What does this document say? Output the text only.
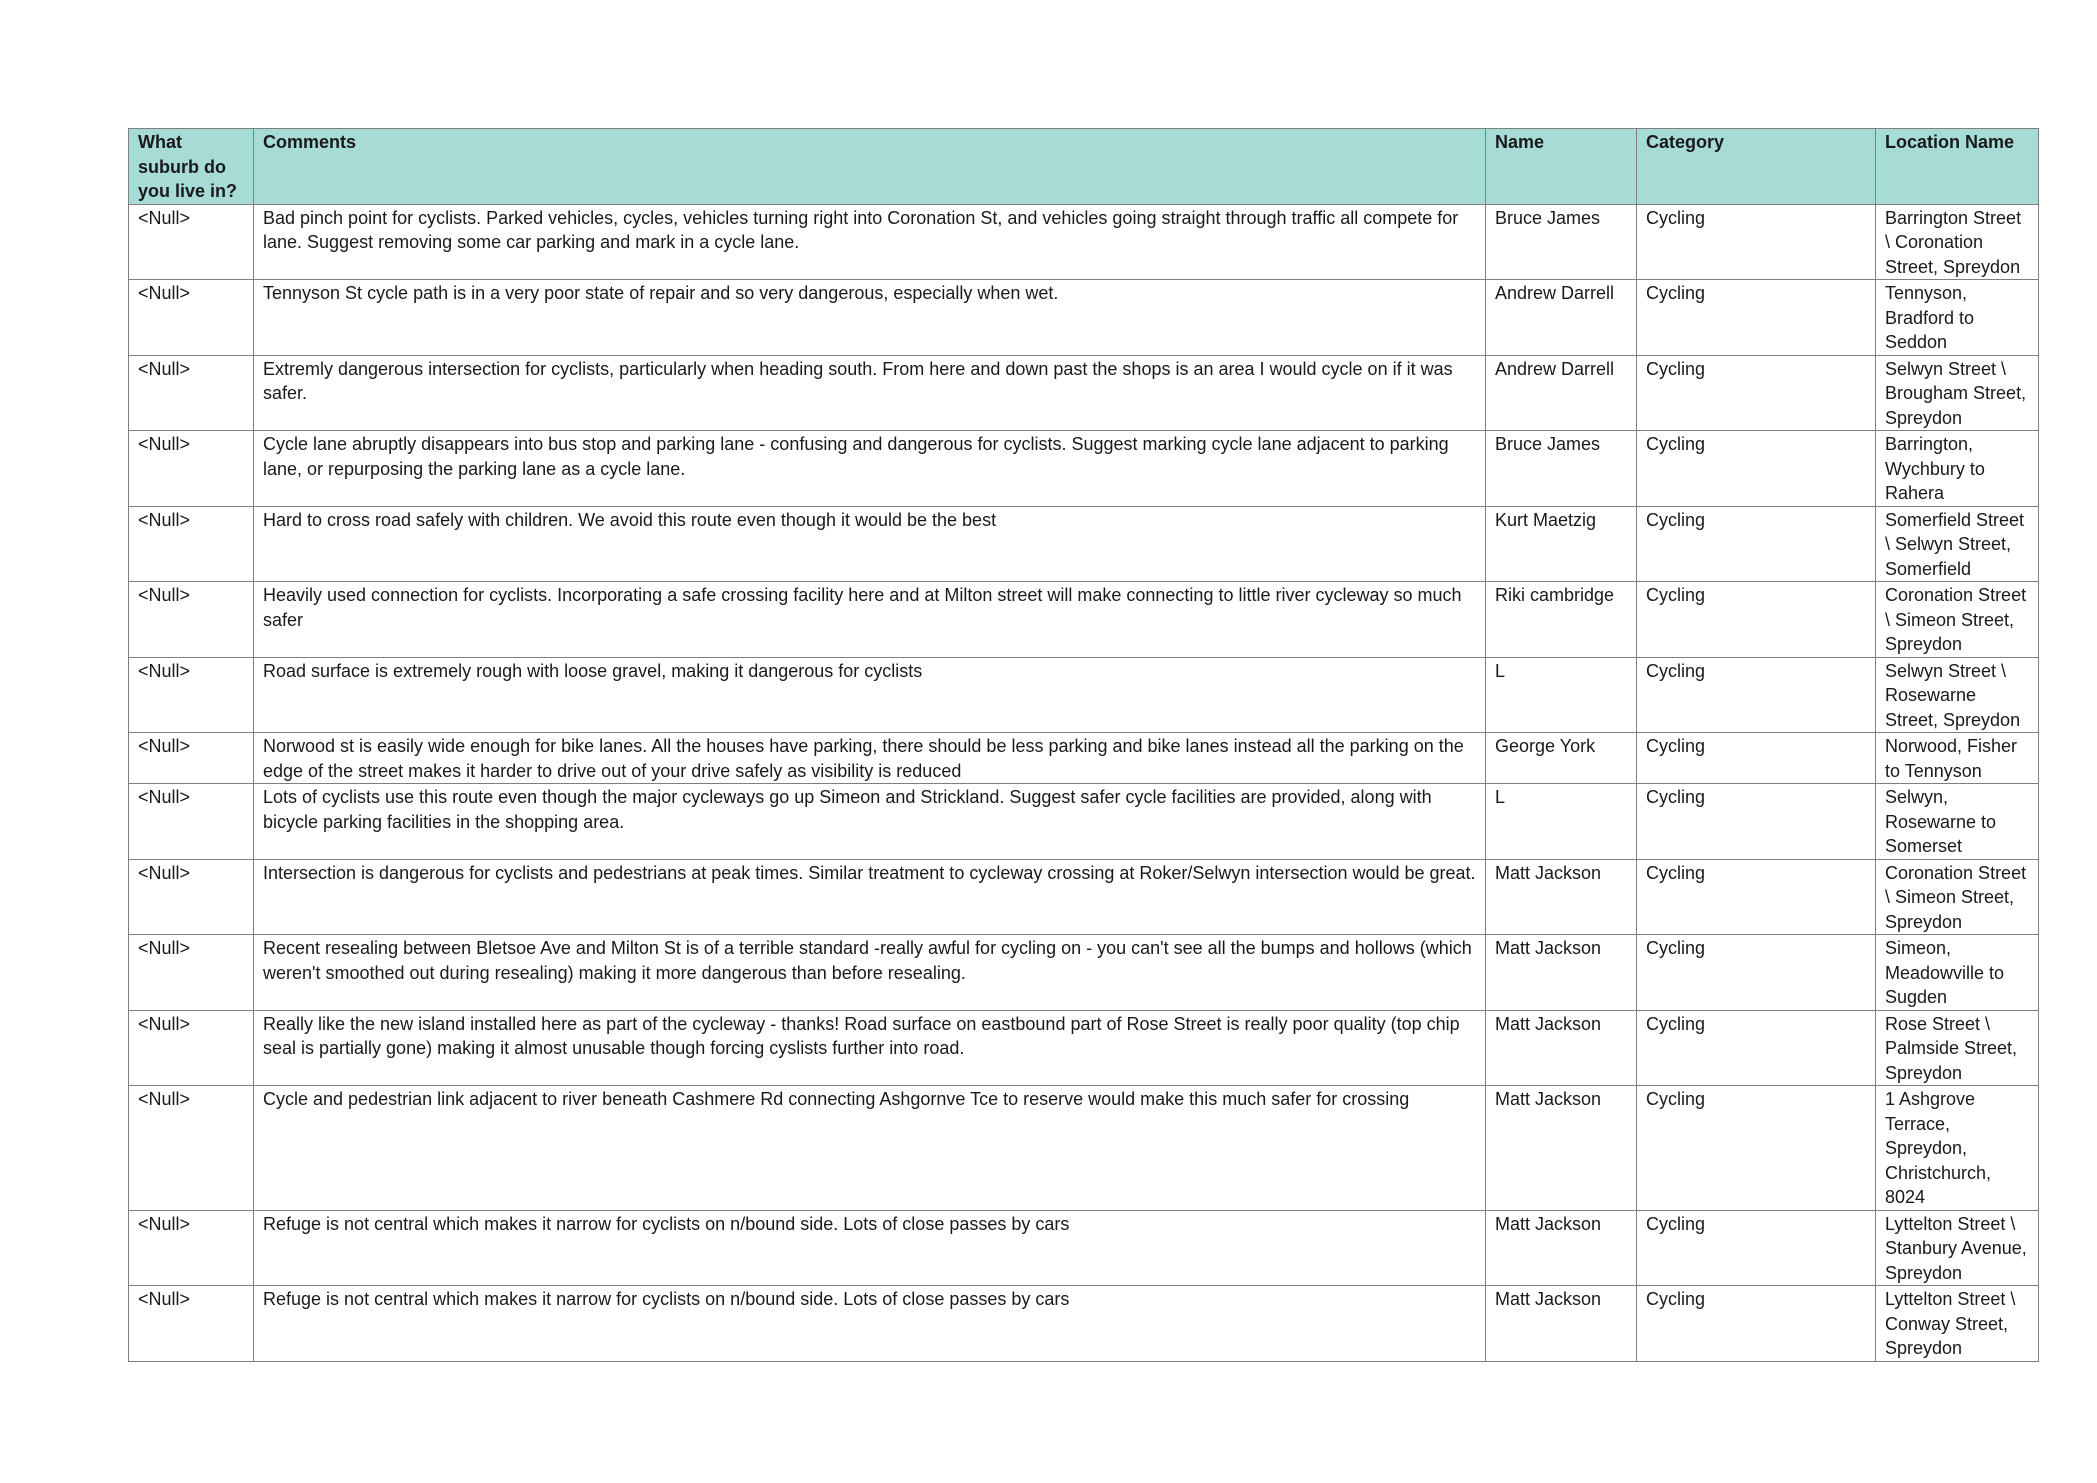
What suburb do you live in?	Comments	Name	Category	Location Name
<Null>	Bad pinch point for cyclists. Parked vehicles, cycles, vehicles turning right into Coronation St, and vehicles going straight through traffic all compete for lane. Suggest removing some car parking and mark in a cycle lane.	Bruce James	Cycling	Barrington Street \ Coronation Street, Spreydon
<Null>	Tennyson St cycle path is in a very poor state of repair and so very dangerous, especially when wet.	Andrew Darrell	Cycling	Tennyson, Bradford to Seddon
<Null>	Extremly dangerous intersection for cyclists, particularly when heading south. From here and down past the shops is an area I would cycle on if it was safer.	Andrew Darrell	Cycling	Selwyn Street \ Brougham Street, Spreydon
<Null>	Cycle lane abruptly disappears into bus stop and parking lane - confusing and dangerous for cyclists. Suggest marking cycle lane adjacent to parking lane, or repurposing the parking lane as a cycle lane.	Bruce James	Cycling	Barrington, Wychbury to Rahera
<Null>	Hard to cross road safely with children. We avoid this route even though it would be the best	Kurt Maetzig	Cycling	Somerfield Street \ Selwyn Street, Somerfield
<Null>	Heavily used connection for cyclists. Incorporating a safe crossing facility here and at Milton street will make connecting to little river cycleway so much safer	Riki cambridge	Cycling	Coronation Street \ Simeon Street, Spreydon
<Null>	Road surface is extremely rough with loose gravel, making it dangerous for cyclists	L	Cycling	Selwyn Street \ Rosewarne Street, Spreydon
<Null>	Norwood st is easily wide enough for bike lanes. All the houses have parking, there should be less parking and bike lanes instead all the parking on the edge of the street makes it harder to drive out of your drive safely as visibility is reduced	George York	Cycling	Norwood, Fisher to Tennyson
<Null>	Lots of cyclists use this route even though the major cycleways go up Simeon and Strickland. Suggest safer cycle facilities are provided, along with bicycle parking facilities in the shopping area.	L	Cycling	Selwyn, Rosewarne to Somerset
<Null>	Intersection is dangerous for cyclists and pedestrians at peak times. Similar treatment to cycleway crossing at Roker/Selwyn intersection would be great.	Matt Jackson	Cycling	Coronation Street \ Simeon Street, Spreydon
<Null>	Recent resealing between Bletsoe Ave and Milton St is of a terrible standard -really awful for cycling on - you can't see all the bumps and hollows (which weren't smoothed out during resealing) making it more dangerous than before resealing.	Matt Jackson	Cycling	Simeon, Meadowville to Sugden
<Null>	Really like the new island installed here as part of the cycleway - thanks! Road surface on eastbound part of Rose Street is really poor quality (top chip seal is partially gone) making it almost unusable though forcing cyslists further into road.	Matt Jackson	Cycling	Rose Street \ Palmside Street, Spreydon
<Null>	Cycle and pedestrian link adjacent to river beneath Cashmere Rd connecting Ashgornve Tce to reserve would make this much safer for crossing	Matt Jackson	Cycling	1 Ashgrove Terrace, Spreydon, Christchurch, 8024
<Null>	Refuge is not central which makes it narrow for cyclists on n/bound side. Lots of close passes by cars	Matt Jackson	Cycling	Lyttelton Street \ Stanbury Avenue, Spreydon
<Null>	Refuge is not central which makes it narrow for cyclists on n/bound side. Lots of close passes by cars	Matt Jackson	Cycling	Lyttelton Street \ Conway Street, Spreydon
